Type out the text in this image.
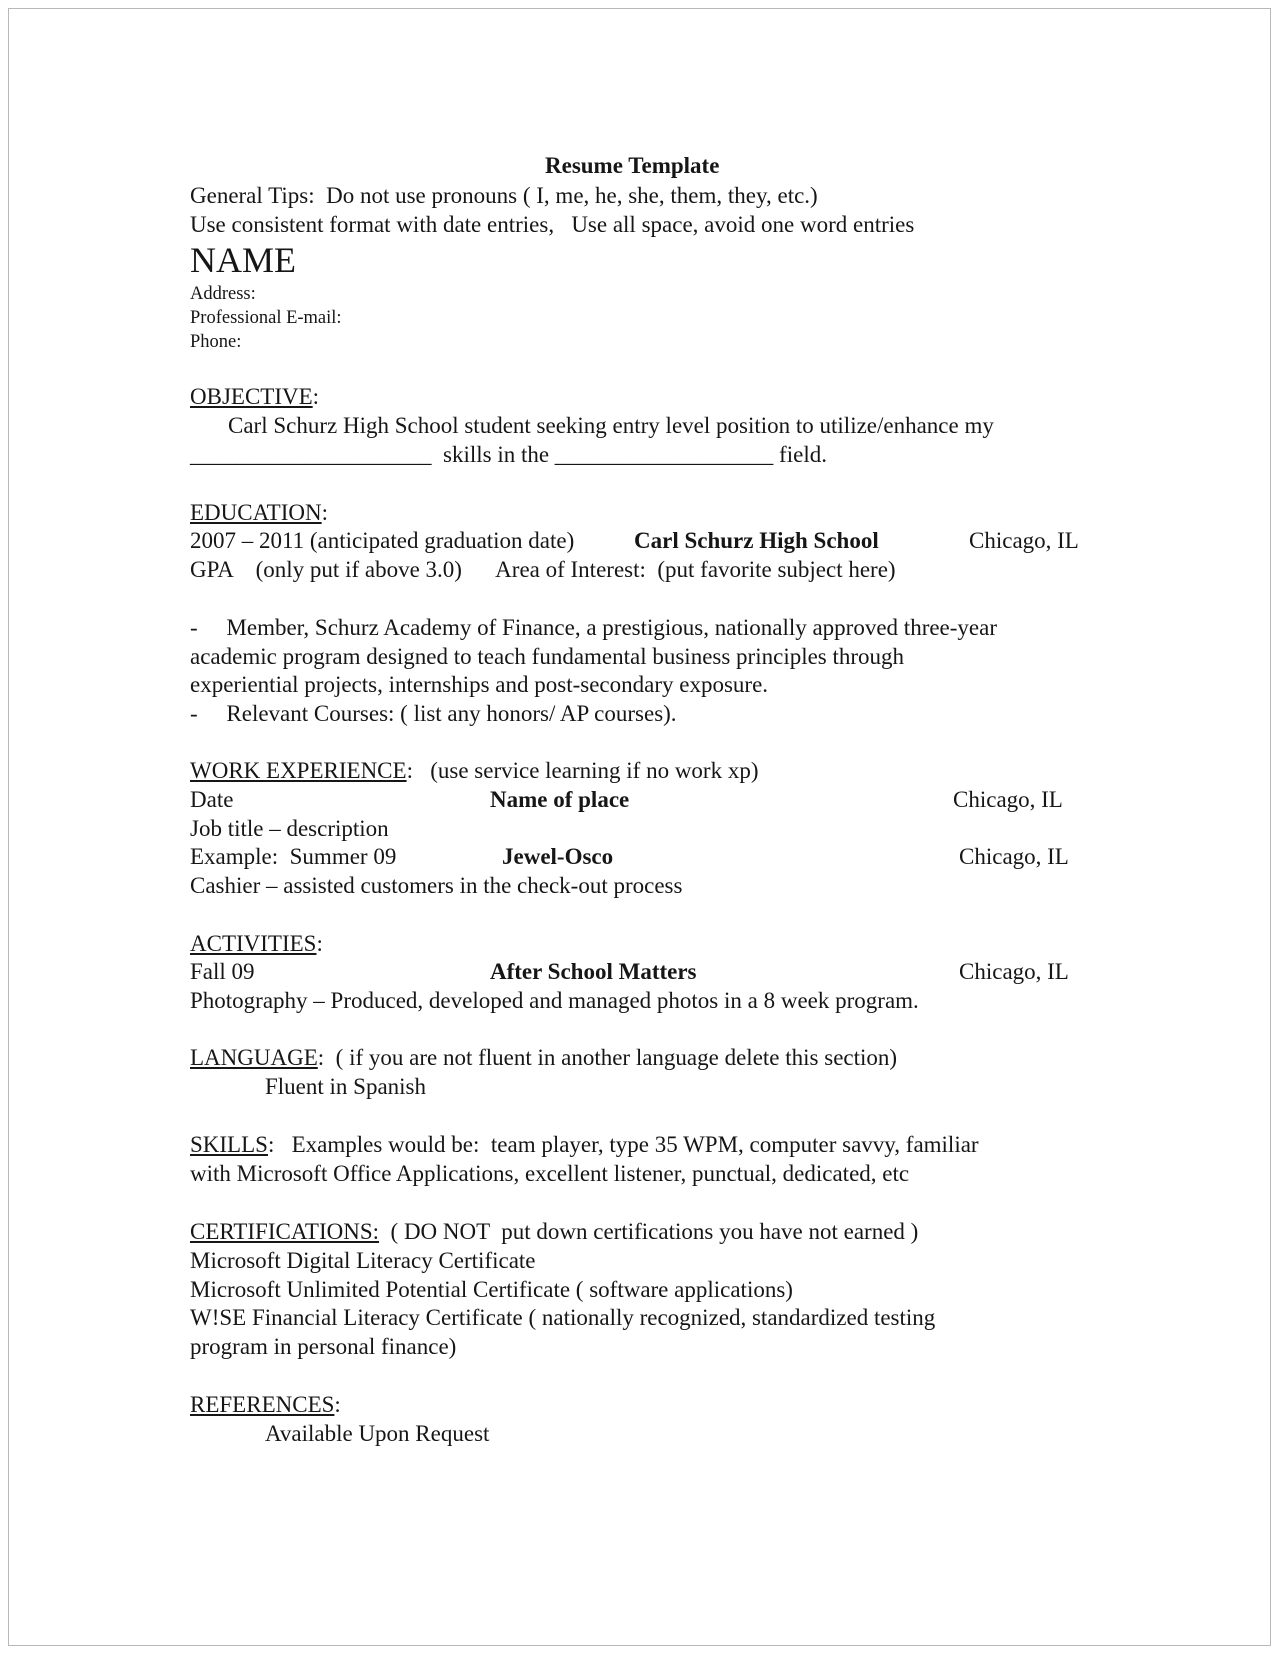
Resume Template
General Tips:  Do not use pronouns ( I, me, he, she, them, they, etc.)
Use consistent format with date entries,   Use all space, avoid one word entries
NAME
Address:
Professional E-mail:
Phone:
OBJECTIVE:
Carl Schurz High School student seeking entry level position to utilize/enhance my
_____________________  skills in the ___________________ field.
EDUCATION:
2007 – 2011 (anticipated graduation date)	Carl Schurz High School	Chicago, IL
GPA    (only put if above 3.0)      Area of Interest:  (put favorite subject here)
-     Member, Schurz Academy of Finance, a prestigious, nationally approved three-year
academic program designed to teach fundamental business principles through
experiential projects, internships and post-secondary exposure.
-     Relevant Courses: ( list any honors/ AP courses).
WORK EXPERIENCE:   (use service learning if no work xp)
Date	Name of place	Chicago, IL
Job title – description
Example:  Summer 09	Jewel-Osco	Chicago, IL
Cashier – assisted customers in the check-out process
ACTIVITIES:
Fall 09	After School Matters	Chicago, IL
Photography – Produced, developed and managed photos in a 8 week program.
LANGUAGE:  ( if you are not fluent in another language delete this section)
Fluent in Spanish
SKILLS:   Examples would be:  team player, type 35 WPM, computer savvy, familiar
with Microsoft Office Applications, excellent listener, punctual, dedicated, etc
CERTIFICATIONS:  ( DO NOT  put down certifications you have not earned )
Microsoft Digital Literacy Certificate
Microsoft Unlimited Potential Certificate ( software applications)
W!SE Financial Literacy Certificate ( nationally recognized, standardized testing
program in personal finance)
REFERENCES:
Available Upon Request
